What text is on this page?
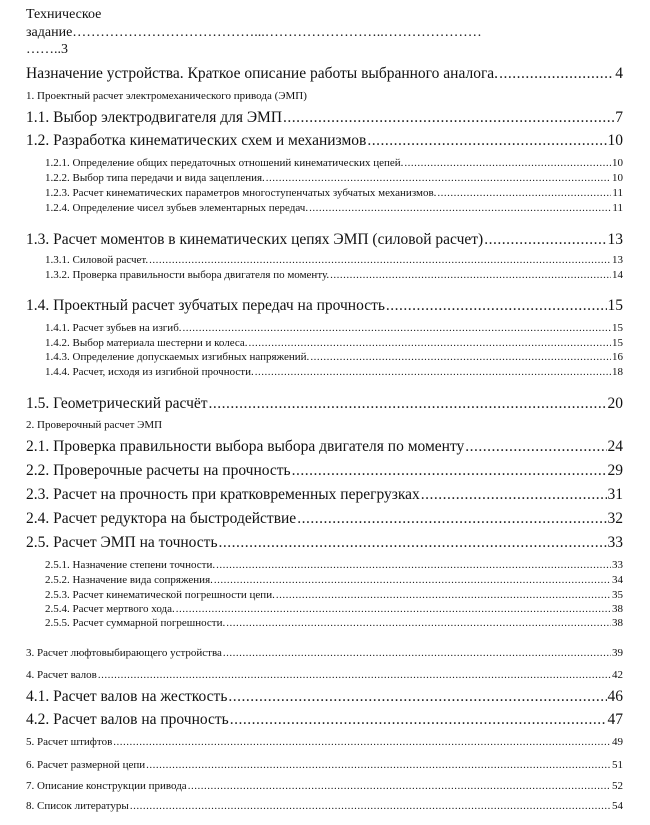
Техническое
задание…………………………………...……………………..…………………
……..3
Назначение устройства. Краткое описание работы выбранного аналога. .....	4
1. Проектный расчет электромеханического привода (ЭМП)
1.1. Выбор электродвигателя для ЭМП .....	7
1.2. Разработка кинематических схем и механизмов .....	10
1.2.1. Определение общих передаточных отношений кинематических цепей. .....	10
1.2.2. Выбор типа передачи и вида зацепления. .....	10
1.2.3. Расчет кинематических параметров многоступенчатых зубчатых механизмов. .....	11
1.2.4. Определение чисел зубьев элементарных передач. .....	11
1.3. Расчет моментов в кинематических цепях ЭМП (силовой расчет) .....	13
1.3.1. Силовой расчет. .....	13
1.3.2. Проверка правильности выбора двигателя по моменту. .....	14
1.4. Проектный расчет зубчатых передач на прочность .....	15
1.4.1. Расчет зубьев на изгиб. .....	15
1.4.2. Выбор материала шестерни и колеса. .....	15
1.4.3. Определение допускаемых изгибных напряжений. .....	16
1.4.4. Расчет, исходя из изгибной прочности. .....	18
1.5. Геометрический расчёт .....	20
2. Проверочный расчет ЭМП
2.1. Проверка правильности выбора выбора двигателя по моменту .....	24
2.2. Проверочные расчеты на прочность .....	29
2.3. Расчет на прочность при кратковременных перегрузках .....	31
2.4. Расчет редуктора на быстродействие .....	32
2.5. Расчет ЭМП на точность .....	33
2.5.1. Назначение степени точности. .....	33
2.5.2. Назначение вида сопряжения. .....	34
2.5.3. Расчет кинематической погрешности цепи. .....	35
2.5.4. Расчет мертвого хода. .....	38
2.5.5. Расчет суммарной погрешности. .....	38
3. Расчет люфтовыбирающего устройства .....	39
4. Расчет валов .....	42
4.1. Расчет валов на жесткость .....	46
4.2. Расчет валов на прочность .....	47
5. Расчет штифтов .....	49
6. Расчет размерной цепи .....	51
7. Описание конструкции привода .....	52
8. Список литературы .....	54
